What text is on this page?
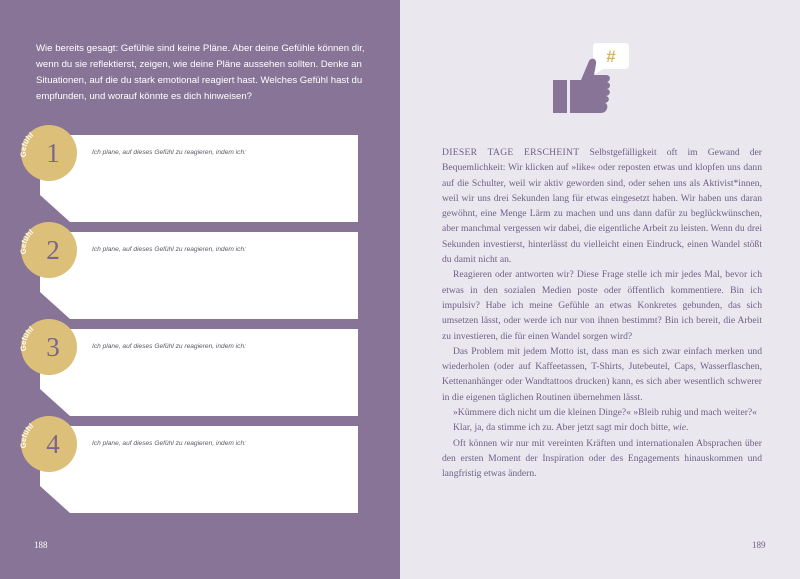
Wie bereits gesagt: Gefühle sind keine Pläne. Aber deine Gefühle können dir, wenn du sie reflektierst, zeigen, wie deine Pläne aussehen sollten. Denke an Situationen, auf die du stark emotional reagiert hast. Welches Gefühl hast du empfunden, und worauf könnte es dich hinweisen?

Ich plane, auf dieses Gefühl zu reagieren, indem ich:

Gefühl
1

Ich plane, auf dieses Gefühl zu reagieren, indem ich:

Gefühl
2

Ich plane, auf dieses Gefühl zu reagieren, indem ich:

Gefühl
3

Ich plane, auf dieses Gefühl zu reagieren, indem ich:

Gefühl
4

188

#

DIESER TAGE ERSCHEINT Selbstgefälligkeit oft im Gewand der Bequemlichkeit: Wir klicken auf »like« oder reposten etwas und klopfen uns dann auf die Schulter, weil wir aktiv geworden sind, oder sehen uns als Aktivist*innen, weil wir uns drei Sekunden lang für etwas eingesetzt haben. Wir haben uns daran gewöhnt, eine Menge Lärm zu machen und uns dann dafür zu beglückwünschen, aber manchmal vergessen wir dabei, die eigentliche Arbeit zu leisten. Wenn du drei Sekunden investierst, hinterlässt du vielleicht einen Eindruck, einen Wandel stößt du damit nicht an.

Reagieren oder antworten wir? Diese Frage stelle ich mir jedes Mal, bevor ich etwas in den sozialen Medien poste oder öffentlich kommentiere. Bin ich impulsiv? Habe ich meine Gefühle an etwas Konkretes gebunden, das sich umsetzen lässt, oder werde ich nur von ihnen bestimmt? Bin ich bereit, die Arbeit zu investieren, die für einen Wandel sorgen wird?

Das Problem mit jedem Motto ist, dass man es sich zwar einfach merken und wiederholen (oder auf Kaffeetassen, T-Shirts, Jutebeutel, Caps, Wasserflaschen, Kettenanhänger oder Wandtattoos drucken) kann, es sich aber wesentlich schwerer in die eigenen täglichen Routinen übernehmen lässt.

»Kümmere dich nicht um die kleinen Dinge?« »Bleib ruhig und mach weiter?«

Klar, ja, da stimme ich zu. Aber jetzt sagt mir doch bitte, wie.

Oft können wir nur mit vereinten Kräften und internationalen Absprachen über den ersten Moment der Inspiration oder des Engagements hinauskommen und langfristig etwas ändern.

189
